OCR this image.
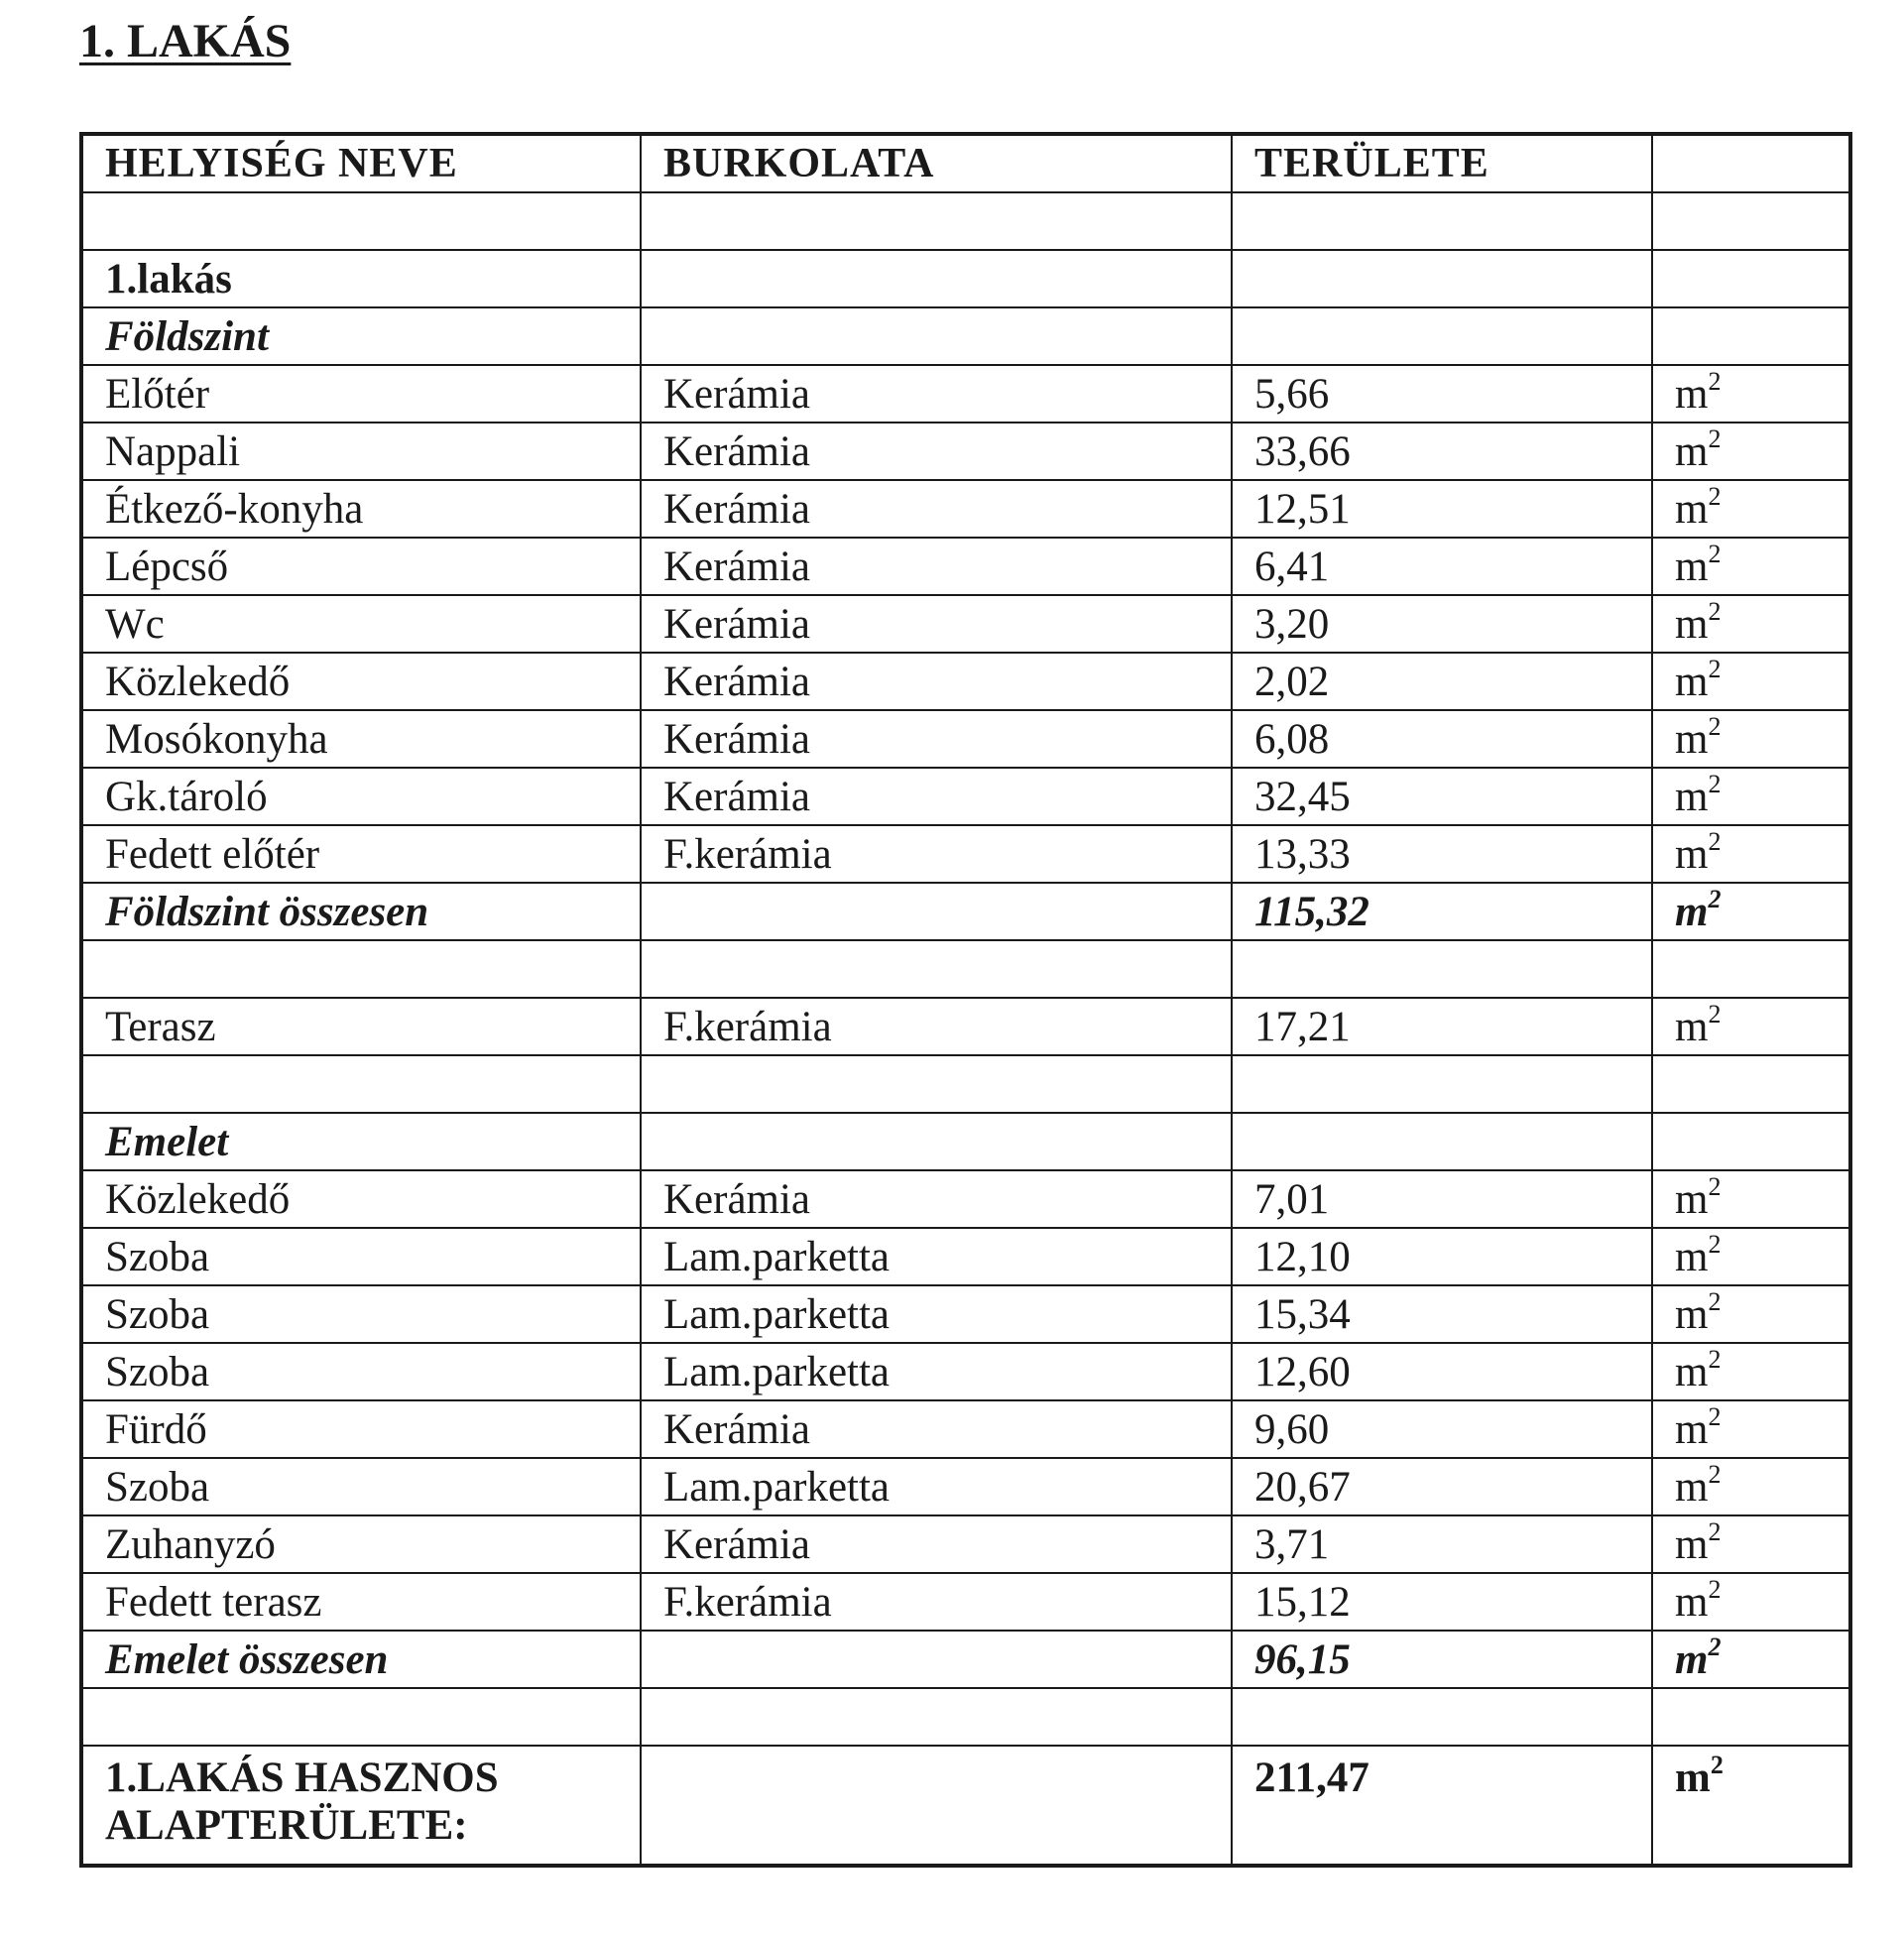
1. LAKÁS
HELYISÉG NEVE	BURKOLATA	TERÜLETE	

1.lakás			
Földszint			
Előtér	Kerámia	5,66	$m^2$
Nappali	Kerámia	33,66	$m^2$
Étkező-konyha	Kerámia	12,51	$m^2$
Lépcső	Kerámia	6,41	$m^2$
Wc	Kerámia	3,20	$m^2$
Közlekedő	Kerámia	2,02	$m^2$
Mosókonyha	Kerámia	6,08	$m^2$
Gk.tároló	Kerámia	32,45	$m^2$
Fedett előtér	F.kerámia	13,33	$m^2$
Földszint összesen		115,32	$m^2$

Terasz	F.kerámia	17,21	$m^2$

Emelet			
Közlekedő	Kerámia	7,01	$m^2$
Szoba	Lam.parketta	12,10	$m^2$
Szoba	Lam.parketta	15,34	$m^2$
Szoba	Lam.parketta	12,60	$m^2$
Fürdő	Kerámia	9,60	$m^2$
Szoba	Lam.parketta	20,67	$m^2$
Zuhanyzó	Kerámia	3,71	$m^2$
Fedett terasz	F.kerámia	15,12	$m^2$
Emelet összesen		96,15	$m^2$

1.LAKÁS HASZNOS ALAPTERÜLETE:		211,47	$m^2$
